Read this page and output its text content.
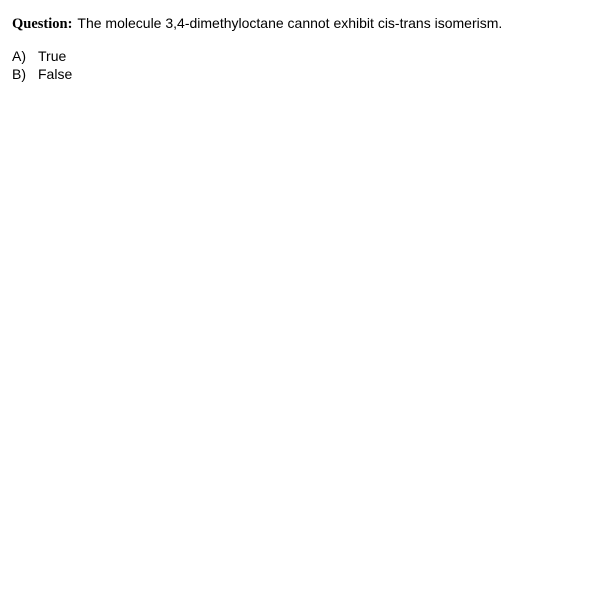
Question: The molecule 3,4-dimethyloctane cannot exhibit cis-trans isomerism.
A) True
B) False
